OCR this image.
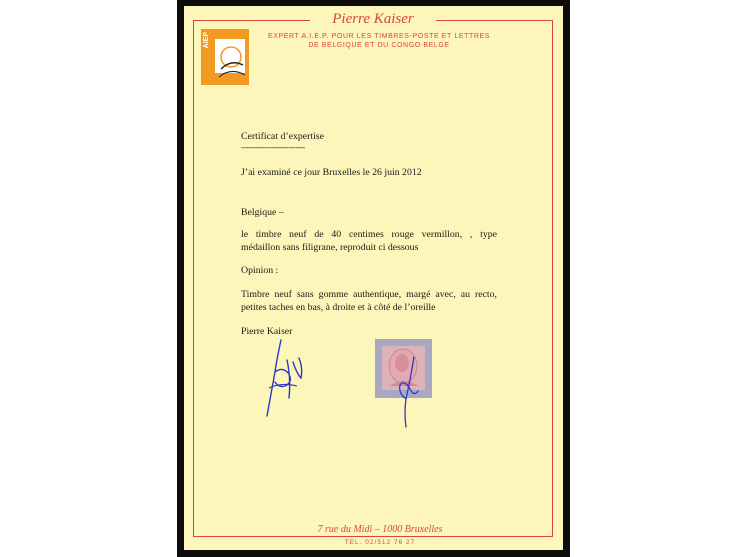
Pierre Kaiser
EXPERT A.I.E.P. POUR LES TIMBRES-POSTE ET LETTRES
DE BELGIQUE ET DU CONGO BELGE
AIEP
Certificat d’expertise
---------------------------
J’ai examiné ce jour Bruxelles le 26 juin 2012
Belgique –
le timbre neuf de 40 centimes rouge vermillon, , type
médaillon sans filigrane, reproduit ci dessous
Opinion :
Timbre neuf sans gomme authentique, margé avec, au recto,
petites taches en bas, à droite et à côté de l’oreille
Pierre Kaiser
7 rue du Midi – 1000 Bruxelles
TEL. 02/512 76 27
